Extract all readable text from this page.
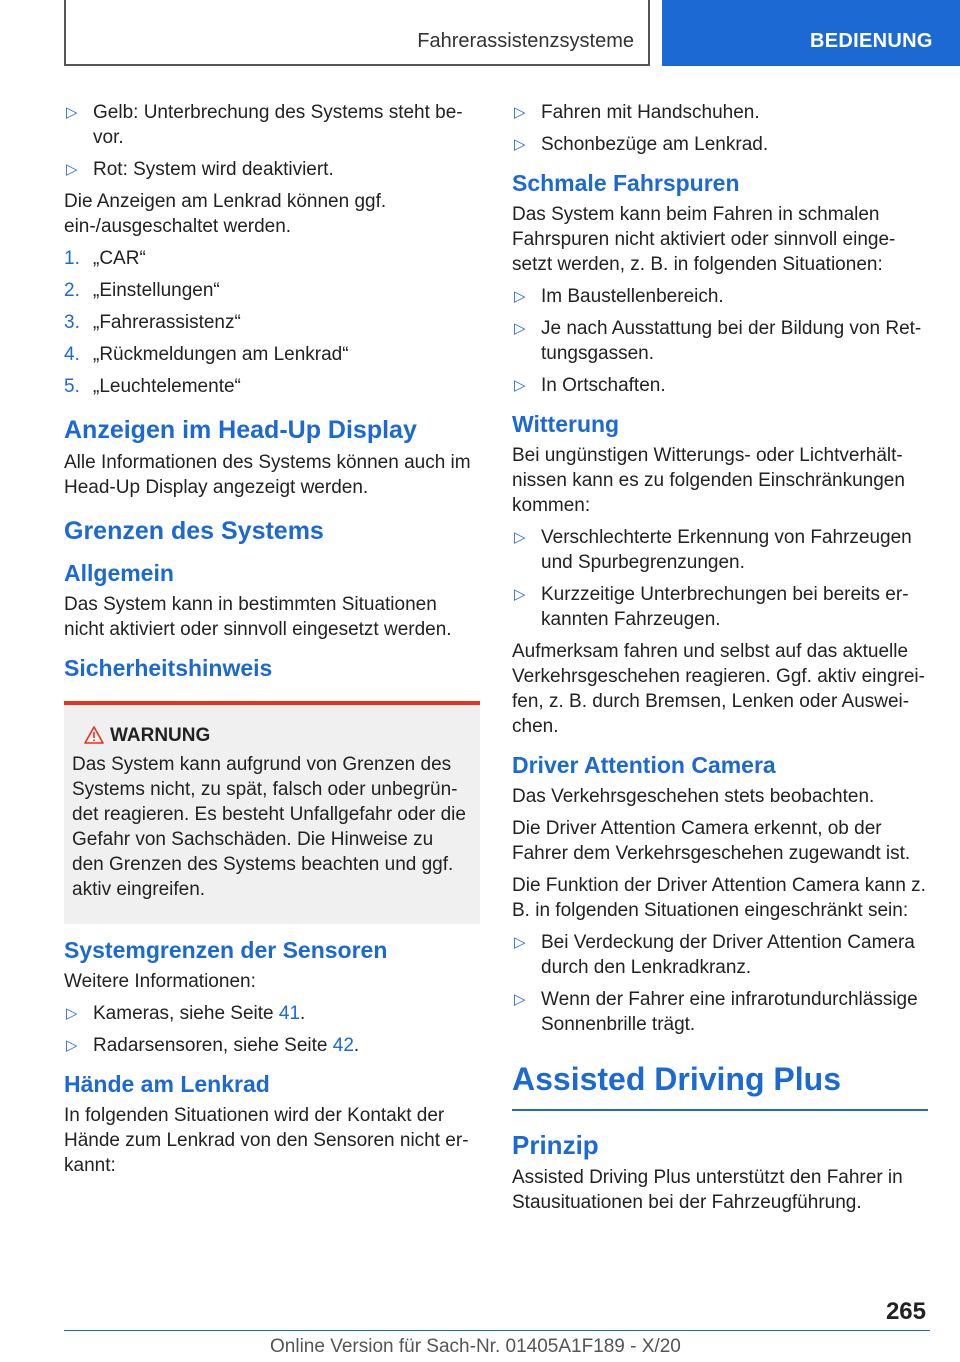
Fahrerassistenzsysteme	BEDIENUNG
▷ Gelb: Unterbrechung des Systems steht be-vor.
▷ Rot: System wird deaktiviert.

Die Anzeigen am Lenkrad können ggf. ein-/ausgeschaltet werden.

1. „CAR“
2. „Einstellungen“
3. „Fahrerassistenz“
4. „Rückmeldungen am Lenkrad“
5. „Leuchtelemente“
Anzeigen im Head-Up Display

Alle Informationen des Systems können auch im Head-Up Display angezeigt werden.

Grenzen des Systems
Allgemein

Das System kann in bestimmten Situationen nicht aktiviert oder sinnvoll eingesetzt werden.

Sicherheitshinweis
WARNUNG

Das System kann aufgrund von Grenzen des Systems nicht, zu spät, falsch oder unbegrün-det reagieren. Es besteht Unfallgefahr oder die Gefahr von Sachschäden. Die Hinweise zu den Grenzen des Systems beachten und ggf. aktiv eingreifen.

Systemgrenzen der Sensoren

Weitere Informationen:

▷ Kameras, siehe Seite 41.
▷ Radarsensoren, siehe Seite 42.
Hände am Lenkrad

In folgenden Situationen wird der Kontakt der Hände zum Lenkrad von den Sensoren nicht er-kannt:

▷ Fahren mit Handschuhen.
▷ Schonbezüge am Lenkrad.
Schmale Fahrspuren

Das System kann beim Fahren in schmalen Fahrspuren nicht aktiviert oder sinnvoll einge-setzt werden, z. B. in folgenden Situationen:

▷ Im Baustellenbereich.
▷ Je nach Ausstattung bei der Bildung von Ret-tungsgassen.
▷ In Ortschaften.
Witterung

Bei ungünstigen Witterungs- oder Lichtverhält-nissen kann es zu folgenden Einschränkungen kommen:

▷ Verschlechterte Erkennung von Fahrzeugen und Spurbegrenzungen.
▷ Kurzzeitige Unterbrechungen bei bereits er-kannten Fahrzeugen.

Aufmerksam fahren und selbst auf das aktuelle Verkehrsgeschehen reagieren. Ggf. aktiv eingrei-fen, z. B. durch Bremsen, Lenken oder Auswei-chen.

Driver Attention Camera

Das Verkehrsgeschehen stets beobachten.

Die Driver Attention Camera erkennt, ob der Fahrer dem Verkehrsgeschehen zugewandt ist.

Die Funktion der Driver Attention Camera kann z. B. in folgenden Situationen eingeschränkt sein:

▷ Bei Verdeckung der Driver Attention Camera durch den Lenkradkranz.
▷ Wenn der Fahrer eine infrarotundurchlässige Sonnenbrille trägt.
Assisted Driving Plus
Prinzip

Assisted Driving Plus unterstützt den Fahrer in Stausituationen bei der Fahrzeugführung.

265
Online Version für Sach-Nr. 01405A1F189 - X/20
